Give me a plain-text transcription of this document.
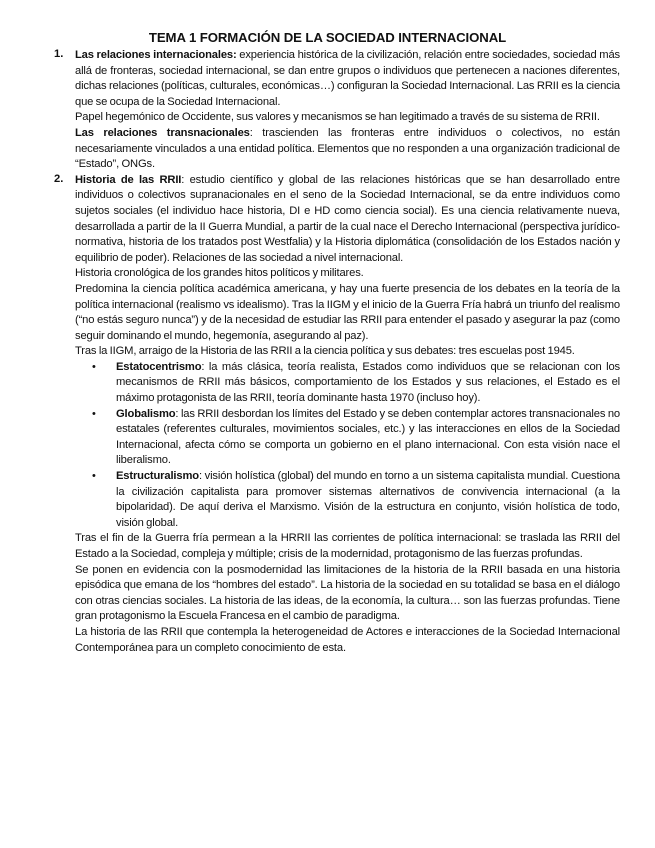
TEMA 1 FORMACIÓN DE LA SOCIEDAD INTERNACIONAL
1. Las relaciones internacionales: experiencia histórica de la civilización, relación entre sociedades, sociedad más allá de fronteras, sociedad internacional, se dan entre grupos o individuos que pertenecen a naciones diferentes, dichas relaciones (políticas, culturales, económicas…) configuran la Sociedad Internacional. Las RRII es la ciencia que se ocupa de la Sociedad Internacional.

Papel hegemónico de Occidente, sus valores y mecanismos se han legitimado a través de su sistema de RRII.

Las relaciones transnacionales: trascienden las fronteras entre individuos o colectivos, no están necesariamente vinculados a una entidad política. Elementos que no responden a una organización tradicional de “Estado”, ONGs.

2. Historia de las RRII: estudio científico y global de las relaciones históricas que se han desarrollado entre individuos o colectivos supranacionales en el seno de la Sociedad Internacional, se da entre individuos como sujetos sociales (el individuo hace historia, DI e HD como ciencia social). Es una ciencia relativamente nueva, desarrollada a partir de la II Guerra Mundial, a partir de la cual nace el Derecho Internacional (perspectiva jurídico-normativa, historia de los tratados post Westfalia) y la Historia diplomática (consolidación de los Estados nación y equilibrio de poder). Relaciones de las sociedad a nivel internacional.

Historia cronológica de los grandes hitos políticos y militares.

Predomina la ciencia política académica americana, y hay una fuerte presencia de los debates en la teoría de la política internacional (realismo vs idealismo). Tras la IIGM y el inicio de la Guerra Fría habrá un triunfo del realismo (“no estás seguro nunca”) y de la necesidad de estudiar las RRII para entender el pasado y asegurar la paz (como seguir dominando el mundo, hegemonía, asegurando al paz).

Tras la IIGM, arraigo de la Historia de las RRII a la ciencia política y sus debates: tres escuelas post 1945.

• Estatocentrismo: la más clásica, teoría realista, Estados como individuos que se relacionan con los mecanismos de RRII más básicos, comportamiento de los Estados y sus relaciones, el Estado es el máximo protagonista de las RRII, teoría dominante hasta 1970 (incluso hoy).

• Globalismo: las RRII desbordan los límites del Estado y se deben contemplar actores transnacionales no estatales (referentes culturales, movimientos sociales, etc.) y las interacciones en ellos de la Sociedad Internacional, afecta cómo se comporta un gobierno en el plano internacional. Con esta visión nace el liberalismo.

• Estructuralismo: visión holística (global) del mundo en torno a un sistema capitalista mundial. Cuestiona la civilización capitalista para promover sistemas alternativos de convivencia internacional (a la bipolaridad). De aquí deriva el Marxismo. Visión de la estructura en conjunto, visión holística de todo, visión global.

Tras el fin de la Guerra fría permean a la HRRII las corrientes de política internacional: se traslada las RRII del Estado a la Sociedad, compleja y múltiple; crisis de la modernidad, protagonismo de las fuerzas profundas.

Se ponen en evidencia con la posmodernidad las limitaciones de la historia de la RRII basada en una historia episódica que emana de los “hombres del estado”. La historia de la sociedad en su totalidad se basa en el diálogo con otras ciencias sociales. La historia de las ideas, de la economía, la cultura… son las fuerzas profundas. Tiene gran protagonismo la Escuela Francesa en el cambio de paradigma.

La historia de las RRII que contempla la heterogeneidad de Actores e interacciones de la Sociedad Internacional Contemporánea para un completo conocimiento de esta.
